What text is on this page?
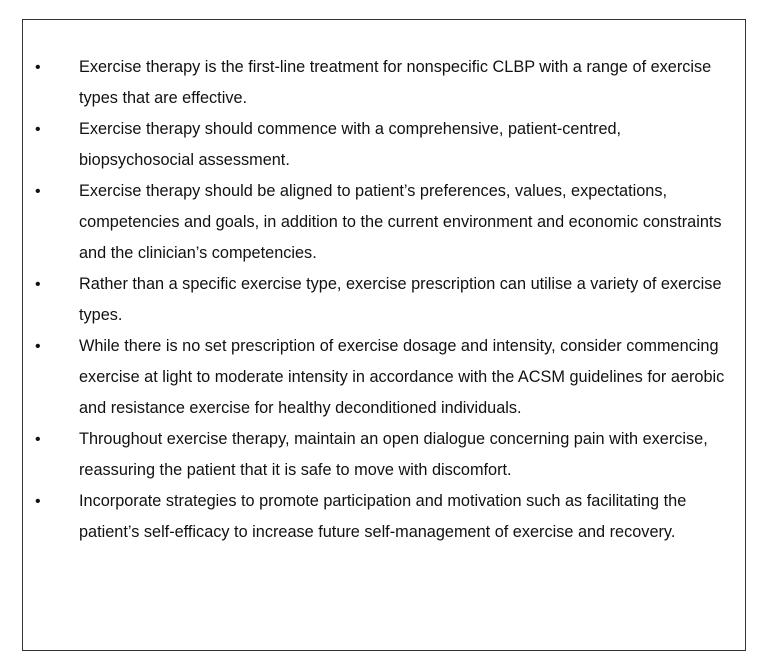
• Exercise therapy is the first-line treatment for nonspecific CLBP with a range of exercise types that are effective.
• Exercise therapy should commence with a comprehensive, patient-centred, biopsychosocial assessment.
• Exercise therapy should be aligned to patient’s preferences, values, expectations, competencies and goals, in addition to the current environment and economic constraints and the clinician’s competencies.
• Rather than a specific exercise type, exercise prescription can utilise a variety of exercise types.
• While there is no set prescription of exercise dosage and intensity, consider commencing exercise at light to moderate intensity in accordance with the ACSM guidelines for aerobic and resistance exercise for healthy deconditioned individuals.
• Throughout exercise therapy, maintain an open dialogue concerning pain with exercise, reassuring the patient that it is safe to move with discomfort.
• Incorporate strategies to promote participation and motivation such as facilitating the patient’s self-efficacy to increase future self-management of exercise and recovery.
